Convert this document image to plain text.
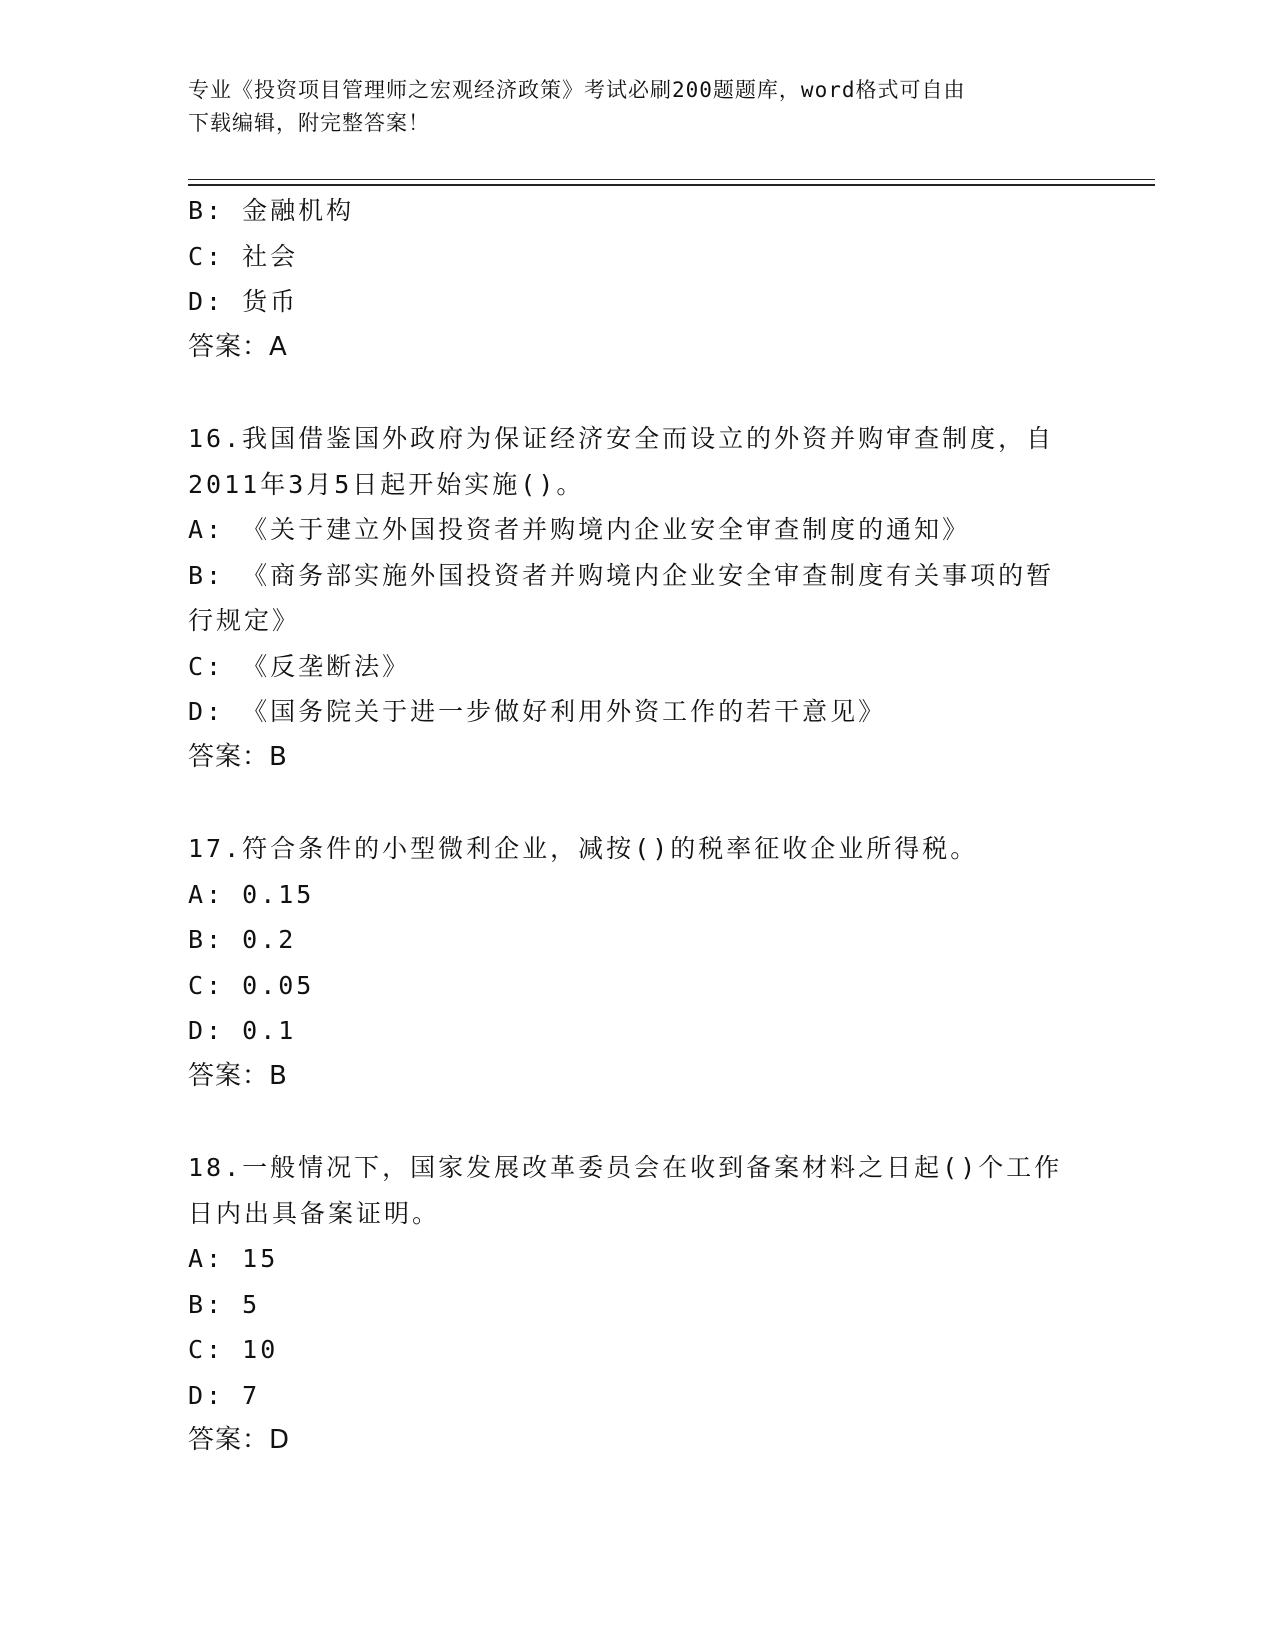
专业《投资项目管理师之宏观经济政策》考试必刷200题题库，word格式可自由
下载编辑，附完整答案！
B: 金融机构
C: 社会
D: 货币
答案：A
16.我国借鉴国外政府为保证经济安全而设立的外资并购审查制度，自
2011年3月5日起开始实施()。
A: 《关于建立外国投资者并购境内企业安全审查制度的通知》
B: 《商务部实施外国投资者并购境内企业安全审查制度有关事项的暂
行规定》
C: 《反垄断法》
D: 《国务院关于进一步做好利用外资工作的若干意见》
答案：B
17.符合条件的小型微利企业，减按()的税率征收企业所得税。
A: 0.15
B: 0.2
C: 0.05
D: 0.1
答案：B
18.一般情况下，国家发展改革委员会在收到备案材料之日起()个工作
日内出具备案证明。
A: 15
B: 5
C: 10
D: 7
答案：D
